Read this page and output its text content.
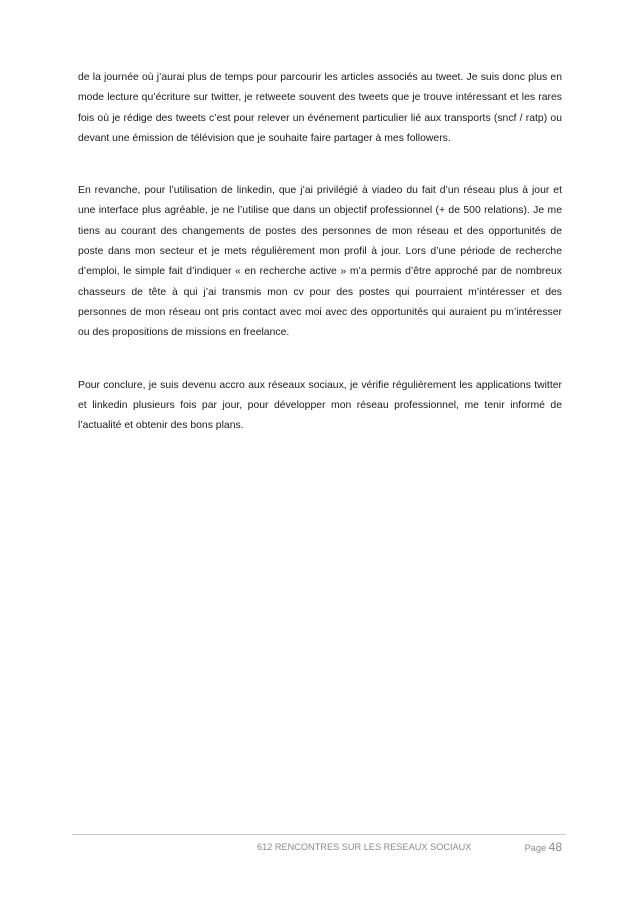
de la journée où j’aurai plus de temps pour parcourir les articles associés au tweet. Je suis donc plus en mode lecture qu’écriture sur twitter, je retweete souvent des tweets que je trouve intéressant et les rares fois où je rédige des tweets c’est pour relever un événement particulier lié aux transports (sncf / ratp) ou devant une émission de télévision que je souhaite faire partager à mes followers.

En revanche, pour l’utilisation de linkedin, que j’ai privilégié à viadeo du fait d’un réseau plus à jour et une interface plus agréable, je ne l’utilise que dans un objectif professionnel (+ de 500 relations). Je me tiens au courant des changements de postes des personnes de mon réseau et des opportunités de poste dans mon secteur et je mets régulièrement mon profil à jour. Lors d’une période de recherche d’emploi, le simple fait d’indiquer « en recherche active » m’a permis d’être approché par de nombreux chasseurs de tête à qui j’ai transmis mon cv pour des postes qui pourraient m’intéresser et des personnes de mon réseau ont pris contact avec moi avec des opportunités qui auraient pu m’intéresser ou des propositions de missions en freelance.

Pour conclure, je suis devenu accro aux réseaux sociaux, je vérifie régulièrement les applications twitter et linkedin plusieurs fois par jour, pour développer mon réseau professionnel, me tenir informé de l’actualité et obtenir des bons plans.

612 RENCONTRES SUR LES RESEAUX SOCIAUX	Page 48
